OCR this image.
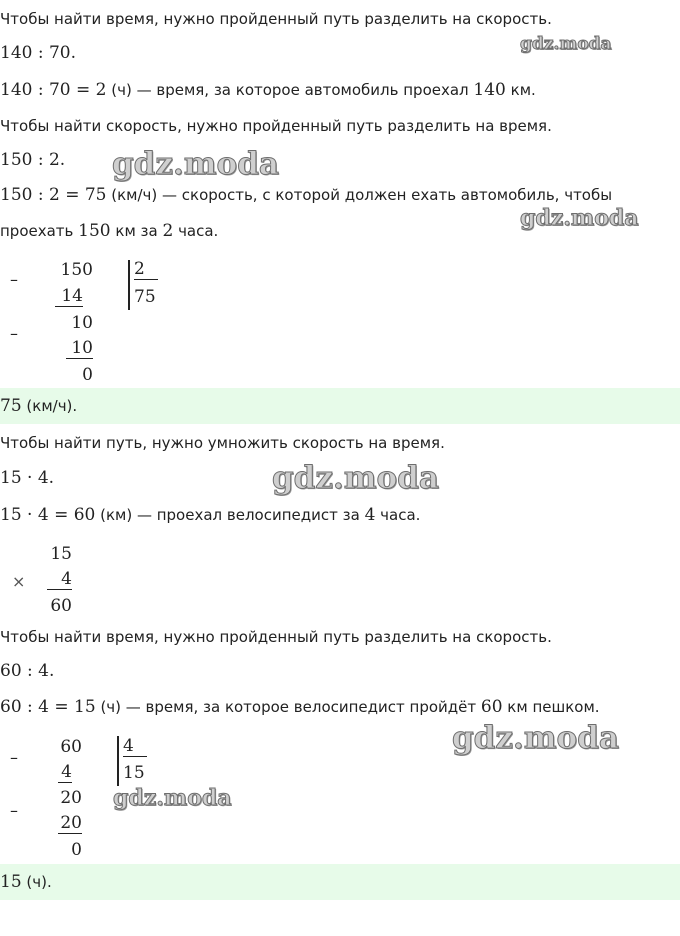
Чтобы найти время, нужно пройденный путь разделить на скорость.
140 : 70.
140 : 70 = 2 (ч) — время, за которое автомобиль проехал 140 км.
Чтобы найти скорость, нужно пройденный путь разделить на время.
150 : 2.
150 : 2 = 75 (км/ч) — скорость, с которой должен ехать автомобиль, чтобы
проехать 150 км за 2 часа.
–	150
14
2
75
–
10
10
0
75 (км/ч).
Чтобы найти путь, нужно умножить скорость на время.
15 · 4.
15 · 4 = 60 (км) — проехал велосипедист за 4 часа.
15
×	4
60
Чтобы найти время, нужно пройденный путь разделить на скорость.
60 : 4.
60 : 4 = 15 (ч) — время, за которое велосипедист пройдёт 60 км пешком.
–
60
4
4
15
–
20
20
0
15 (ч).
gdz.moda
gdz.moda
gdz.moda
gdz.moda
gdz.moda
gdz.moda
